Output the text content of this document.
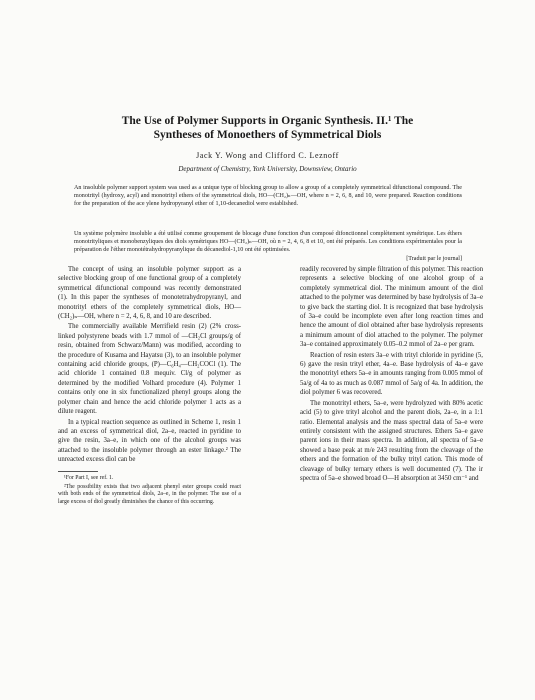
The Use of Polymer Supports in Organic Synthesis. II.¹ The Syntheses of Monoethers of Symmetrical Diols
Jack Y. Wong and Clifford C. Leznoff
Department of Chemistry, York University, Downsview, Ontario
An insoluble polymer support system was used as a unique type of blocking group to allow a group of a completely symmetrical difunctional compound. The monotrityl (hydroxy, acyl) and monotrityl ethers of the symmetrical diols, HO—(CH₂)ₙ—OH, where n = 2, 6, 8, and 10, were prepared. Reaction conditions for the preparation of the ace ylene hydropyranyl ether of 1,10-decanediol were established.
Un système polymère insoluble a été utilisé comme groupement de blocage d'une fonction d'un composé difonctionnel complètement symétrique. Les éthers monotrityliques et monobenzyliques des diols symétriques HO—(CH₂)ₙ—OH, où n = 2, 4, 6, 8 et 10, ont été préparés. Les conditions expérimentales pour la préparation de l'éther monotétrahydropyranylique du décanediol-1,10 ont été optimisées.
[Traduit par le journal]

The concept of using an insoluble polymer support as a selective blocking group of one functional group of a completely symmetrical difunctional compound was recently demonstrated (1). In this paper the syntheses of monotetrahydropyranyl, and monotrityl ethers of the completely symmetrical diols, HO—(CH₂)ₙ—OH, where n = 2, 4, 6, 8, and 10 are described.

The commercially available Merrifield resin (2) (2% cross-linked polystyrene beads with 1.7 mmol of —CH₂Cl groups/g of resin, obtained from Schwarz/Mann) was modified, according to the procedure of Kusama and Hayatsu (3), to an insoluble polymer containing acid chloride groups, (P)—C₆H₄—CH₂COCl (1). The acid chloride 1 contained 0.8 mequiv. Cl/g of polymer as determined by the modified Volhard procedure (4). Polymer 1 contains only one in six functionalized phenyl groups along the polymer chain and hence the acid chloride polymer 1 acts as a dilute reagent.

In a typical reaction sequence as outlined in Scheme 1, resin 1 and an excess of symmetrical diol, 2a–e, reacted in pyridine to give the resin, 3a–e, in which one of the alcohol groups was attached to the insoluble polymer through an ester linkage.² The unreacted excess diol can be

¹For Part I, see ref. 1.

²The possibility exists that two adjacent phenyl ester groups could react with both ends of the symmetrical diols, 2a–e, in the polymer. The use of a large excess of diol greatly diminishes the chance of this occurring.

readily recovered by simple filtration of this polymer. This reaction represents a selective blocking of one alcohol group of a completely symmetrical diol. The minimum amount of the diol attached to the polymer was determined by base hydrolysis of 3a–e to give back the starting diol. It is recognized that base hydrolysis of 3a–e could be incomplete even after long reaction times and hence the amount of diol obtained after base hydrolysis represents a minimum amount of diol attached to the polymer. The polymer 3a–e contained approximately 0.05–0.2 mmol of 2a–e per gram.

Reaction of resin esters 3a–e with trityl chloride in pyridine (5, 6) gave the resin trityl ether, 4a–e. Base hydrolysis of 4a–e gave the monotrityl ethers 5a–e in amounts ranging from 0.005 mmol of 5a/g of 4a to as much as 0.087 mmol of 5a/g of 4a. In addition, the diol polymer 6 was recovered.

The monotrityl ethers, 5a–e, were hydrolyzed with 80% acetic acid (5) to give trityl alcohol and the parent diols, 2a–e, in a 1:1 ratio. Elemental analysis and the mass spectral data of 5a–e were entirely consistent with the assigned structures. Ethers 5a–e gave parent ions in their mass spectra. In addition, all spectra of 5a–e showed a base peak at m/e 243 resulting from the cleavage of the ethers and the formation of the bulky trityl cation. This mode of cleavage of bulky ternary ethers is well documented (7). The ir spectra of 5a–e showed broad O—H absorption at 3450 cm⁻¹ and
